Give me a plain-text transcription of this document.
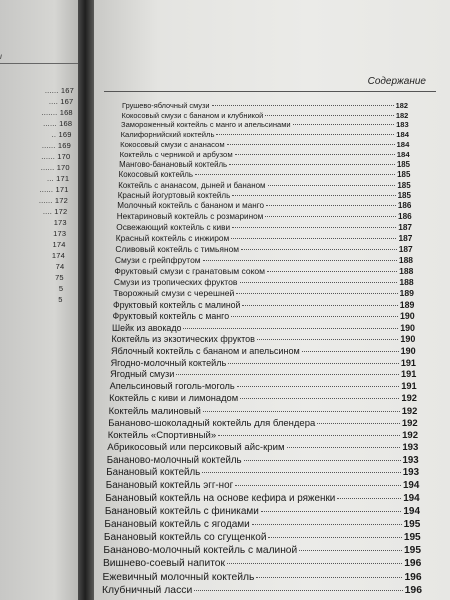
...... 167
.... 167
....... 168
...... 168
.. 169
...... 169
...... 170
...... 170
... 171
...... 171
...... 172
.... 172
173
173
174
174
74
75
5
5
Содержание
Грушево-яблочный смузи	182
Кокосовый смузи с бананом и клубникой	182
Замороженный коктейль с манго и апельсинами	183
Калифорнийский коктейль	184
Кокосовый смузи с ананасом	184
Коктейль с черникой и арбузом	184
Мангово-банановый коктейль	185
Кокосовый коктейль	185
Коктейль с ананасом, дыней и бананом	185
Красный йогуртовый коктейль	185
Молочный коктейль с бананом и манго	186
Нектариновый коктейль с розмарином	186
Освежающий коктейль с киви	187
Красный коктейль с инжиром	187
Сливовый коктейль с тимьяном	187
Смузи с грейпфрутом	188
Фруктовый смузи с гранатовым соком	188
Смузи из тропических фруктов	188
Творожный смузи с черешней	189
Фруктовый коктейль с малиной	189
Фруктовый коктейль с манго	190
Шейк из авокадо	190
Коктейль из экзотических фруктов	190
Яблочный коктейль с бананом и апельсином	190
Ягодно-молочный коктейль	191
Ягодный смузи	191
Апельсиновый гоголь-моголь	191
Коктейль с киви и лимонадом	192
Коктейль малиновый	192
Бананово-шоколадный коктейль для блендера	192
Коктейль «Спортивный»	192
Абрикосовый или персиковый айс-крим	193
Бананово-молочный коктейль	193
Банановый коктейль	193
Банановый коктейль эгг-ног	194
Банановый коктейль на основе кефира и ряженки	194
Банановый коктейль с финиками	194
Банановый коктейль с ягодами	195
Банановый коктейль со сгущенкой	195
Бананово-молочный коктейль с малиной	195
Вишнево-соевый напиток	196
Ежевичный молочный коктейль	196
Клубничный ласси	196
